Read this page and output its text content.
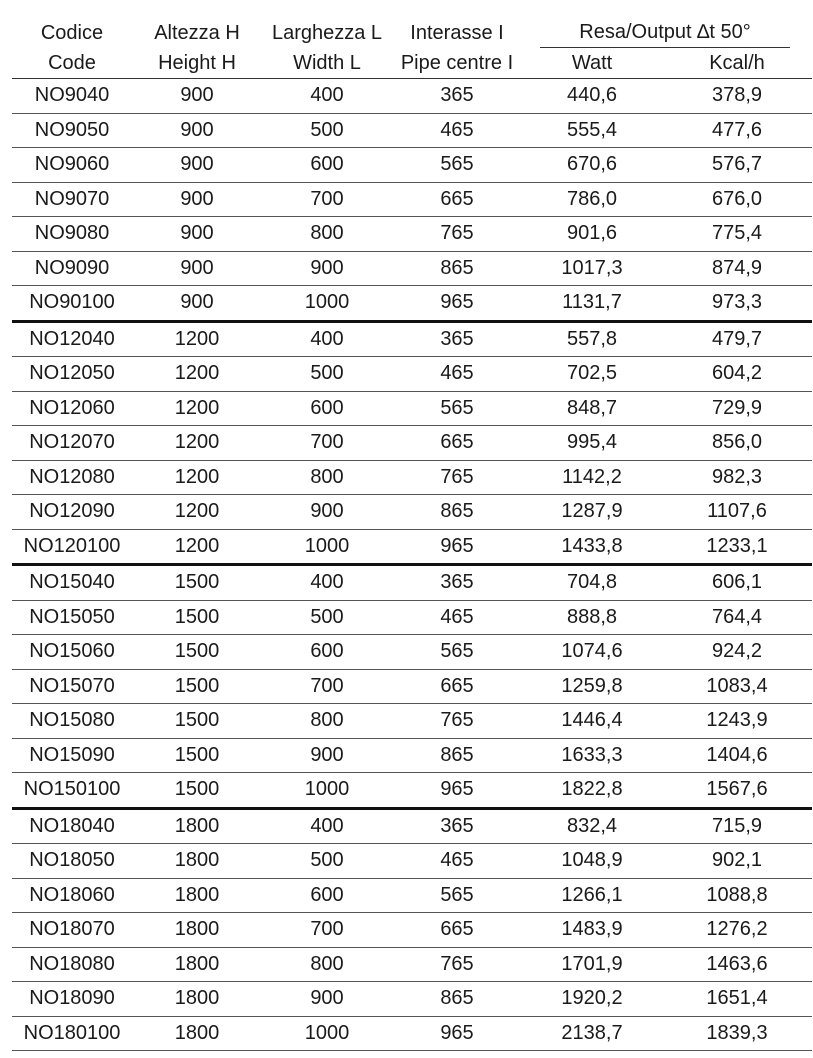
Codice	Altezza H	Larghezza L	Interasse I	Resa/Output ∆t 50°	

Code	Height H	Width L	Pipe centre I	Watt	Kcal/h
NO9040	900	400	365	440,6	378,9
NO9050	900	500	465	555,4	477,6
NO9060	900	600	565	670,6	576,7
NO9070	900	700	665	786,0	676,0
NO9080	900	800	765	901,6	775,4
NO9090	900	900	865	1017,3	874,9
NO90100	900	1000	965	1131,7	973,3
NO12040	1200	400	365	557,8	479,7
NO12050	1200	500	465	702,5	604,2
NO12060	1200	600	565	848,7	729,9
NO12070	1200	700	665	995,4	856,0
NO12080	1200	800	765	1142,2	982,3
NO12090	1200	900	865	1287,9	1107,6
NO120100	1200	1000	965	1433,8	1233,1
NO15040	1500	400	365	704,8	606,1
NO15050	1500	500	465	888,8	764,4
NO15060	1500	600	565	1074,6	924,2
NO15070	1500	700	665	1259,8	1083,4
NO15080	1500	800	765	1446,4	1243,9
NO15090	1500	900	865	1633,3	1404,6
NO150100	1500	1000	965	1822,8	1567,6
NO18040	1800	400	365	832,4	715,9
NO18050	1800	500	465	1048,9	902,1
NO18060	1800	600	565	1266,1	1088,8
NO18070	1800	700	665	1483,9	1276,2
NO18080	1800	800	765	1701,9	1463,6
NO18090	1800	900	865	1920,2	1651,4
NO180100	1800	1000	965	2138,7	1839,3
